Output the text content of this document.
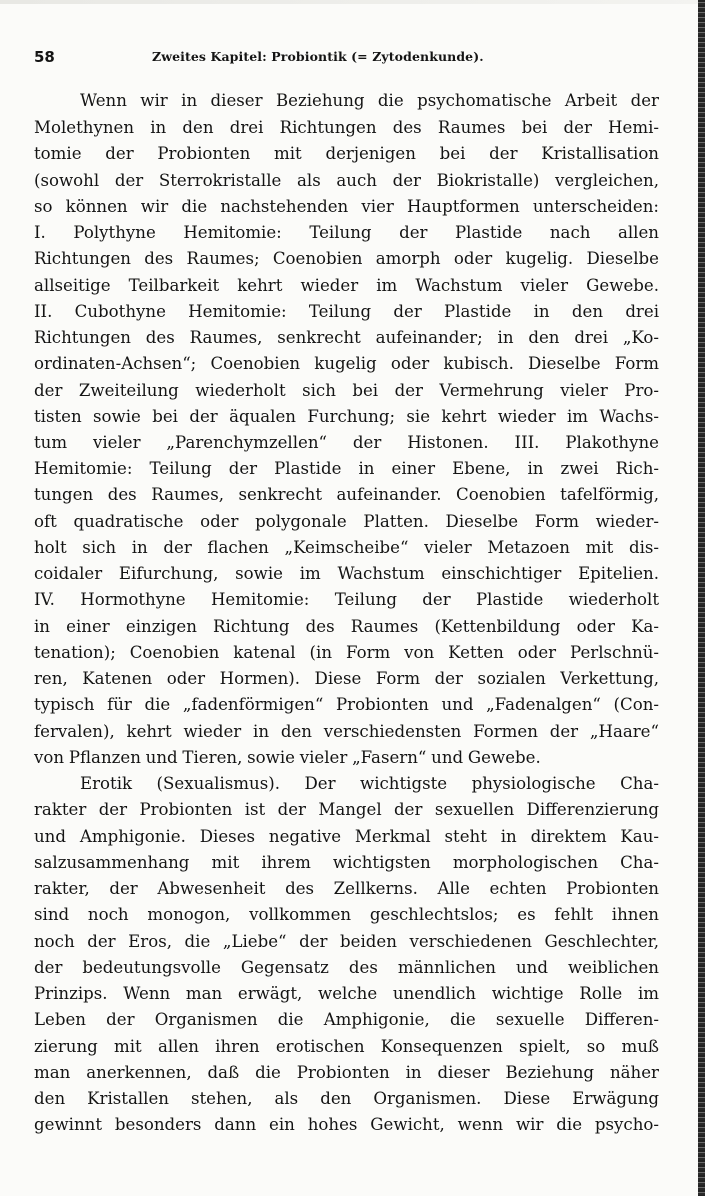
58	Zweites Kapitel: Probiontik (= Zytodenkunde).
Wenn wir in dieser Beziehung die psychomatische Arbeit der
Molethynen in den drei Richtungen des Raumes bei der Hemi-
tomie der Probionten mit derjenigen bei der Kristallisation
(sowohl der Sterrokristalle als auch der Biokristalle) vergleichen,
so können wir die nachstehenden vier Hauptformen unterscheiden:
I. Polythyne Hemitomie: Teilung der Plastide nach allen
Richtungen des Raumes; Coenobien amorph oder kugelig. Dieselbe
allseitige Teilbarkeit kehrt wieder im Wachstum vieler Gewebe.
II. Cubothyne Hemitomie: Teilung der Plastide in den drei
Richtungen des Raumes, senkrecht aufeinander; in den drei „Ko-
ordinaten-Achsen“; Coenobien kugelig oder kubisch. Dieselbe Form
der Zweiteilung wiederholt sich bei der Vermehrung vieler Pro-
tisten sowie bei der äqualen Furchung; sie kehrt wieder im Wachs-
tum vieler „Parenchymzellen“ der Histonen. III. Plakothyne
Hemitomie: Teilung der Plastide in einer Ebene, in zwei Rich-
tungen des Raumes, senkrecht aufeinander. Coenobien tafelförmig,
oft quadratische oder polygonale Platten. Dieselbe Form wieder-
holt sich in der flachen „Keimscheibe“ vieler Metazoen mit dis-
coidaler Eifurchung, sowie im Wachstum einschichtiger Epitelien.
IV. Hormothyne Hemitomie: Teilung der Plastide wiederholt
in einer einzigen Richtung des Raumes (Kettenbildung oder Ka-
tenation); Coenobien katenal (in Form von Ketten oder Perlschnü-
ren, Katenen oder Hormen). Diese Form der sozialen Verkettung,
typisch für die „fadenförmigen“ Probionten und „Fadenalgen“ (Con-
fervalen), kehrt wieder in den verschiedensten Formen der „Haare“
von Pflanzen und Tieren, sowie vieler „Fasern“ und Gewebe.
Erotik (Sexualismus). Der wichtigste physiologische Cha-
rakter der Probionten ist der Mangel der sexuellen Differenzierung
und Amphigonie. Dieses negative Merkmal steht in direktem Kau-
salzusammenhang mit ihrem wichtigsten morphologischen Cha-
rakter, der Abwesenheit des Zellkerns. Alle echten Probionten
sind noch monogon, vollkommen geschlechtslos; es fehlt ihnen
noch der Eros, die „Liebe“ der beiden verschiedenen Geschlechter,
der bedeutungsvolle Gegensatz des männlichen und weiblichen
Prinzips. Wenn man erwägt, welche unendlich wichtige Rolle im
Leben der Organismen die Amphigonie, die sexuelle Differen-
zierung mit allen ihren erotischen Konsequenzen spielt, so muß
man anerkennen, daß die Probionten in dieser Beziehung näher
den Kristallen stehen, als den Organismen. Diese Erwägung
gewinnt besonders dann ein hohes Gewicht, wenn wir die psycho-
